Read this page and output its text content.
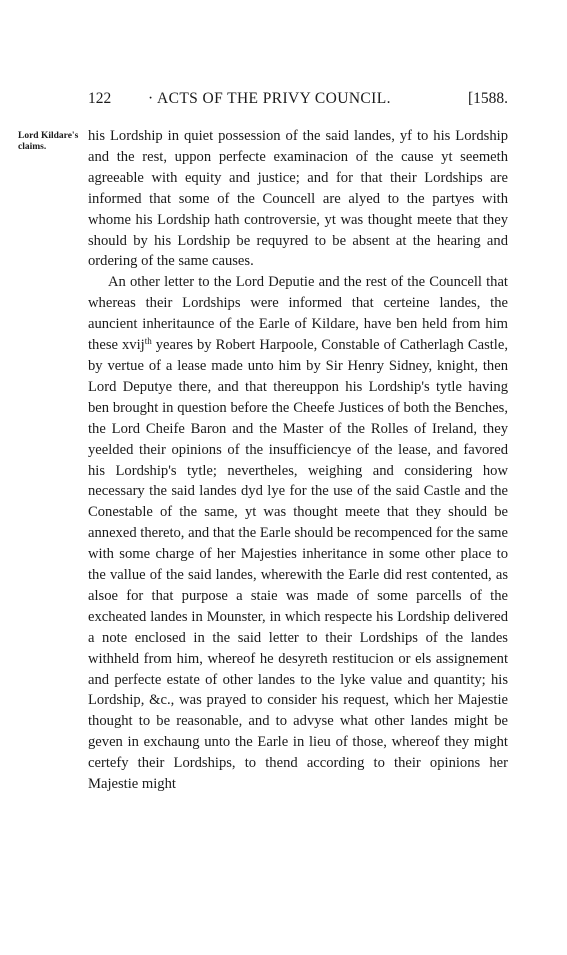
122 · ACTS OF THE PRIVY COUNCIL.	[1588.
Lord Kildare's claims.

his Lordship in quiet possession of the said landes, yf to his Lordship and the rest, uppon perfecte examinacion of the cause yt seemeth agreeable with equity and justice; and for that their Lordships are informed that some of the Councell are alyed to the partyes with whome his Lordship hath controversie, yt was thought meete that they should by his Lordship be requyred to be absent at the hearing and ordering of the same causes.

An other letter to the Lord Deputie and the rest of the Councell that whereas their Lordships were informed that certeine landes, the auncient inheritaunce of the Earle of Kildare, have ben held from him these xvij$^{th}$ yeares by Robert Harpoole, Constable of Catherlagh Castle, by vertue of a lease made unto him by Sir Henry Sidney, knight, then Lord Deputye there, and that thereuppon his Lordship's tytle having ben brought in question before the Cheefe Justices of both the Benches, the Lord Cheife Baron and the Master of the Rolles of Ireland, they yeelded their opinions of the insufficiencye of the lease, and favored his Lordship's tytle; nevertheles, weighing and considering how necessary the said landes dyd lye for the use of the said Castle and the Conestable of the same, yt was thought meete that they should be annexed thereto, and that the Earle should be recompenced for the same with some charge of her Majesties inheritance in some other place to the vallue of the said landes, wherewith the Earle did rest contented, as alsoe for that purpose a staie was made of some parcells of the excheated landes in Mounster, in which respecte his Lordship delivered a note enclosed in the said letter to their Lordships of the landes withheld from him, whereof he desyreth restitucion or els assignement and perfecte estate of other landes to the lyke value and quantity; his Lordship, &c., was prayed to consider his request, which her Majestie thought to be reasonable, and to advyse what other landes might be geven in exchaung unto the Earle in lieu of those, whereof they might certefy their Lordships, to thend according to their opinions her Majestie might
